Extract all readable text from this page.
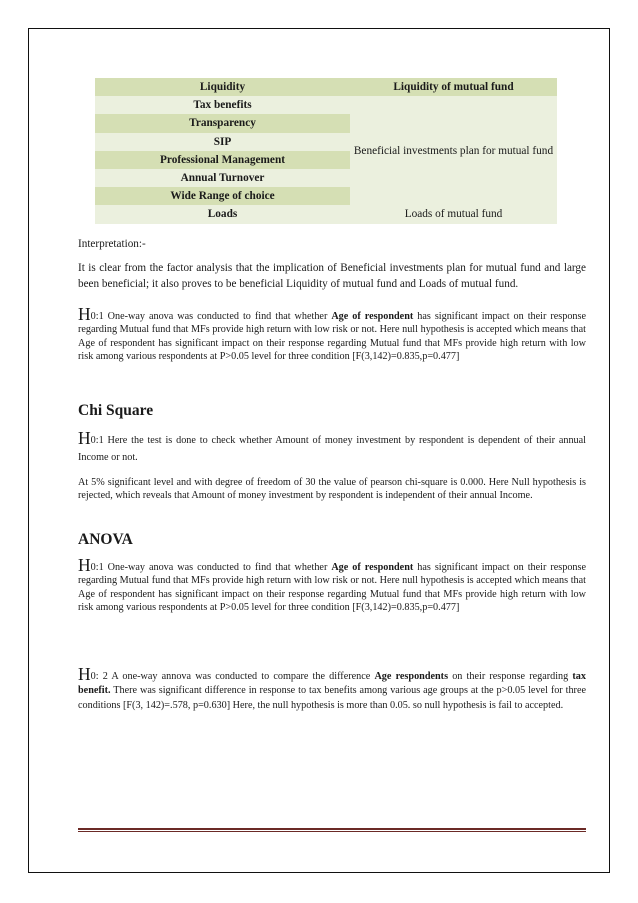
Liquidity	Liquidity of mutual fund
Tax benefits	Beneficial investments plan for mutual fund
Transparency	
SIP	
Professional Management	
Annual Turnover	
Wide Range of choice	
Loads	Loads of mutual fund

Interpretation:-

It is clear from the factor analysis that the implication of Beneficial investments plan for mutual fund and large been beneficial; it also proves to be beneficial Liquidity of mutual fund and Loads of mutual fund.

H0:1 One-way anova was conducted to find that whether Age of respondent has significant impact on their response regarding Mutual fund that MFs provide high return with low risk or not. Here null hypothesis is accepted which means that Age of respondent has significant impact on their response regarding Mutual fund that MFs provide high return with low risk among various respondents at P>0.05 level for three condition [F(3,142)=0.835,p=0.477]

Chi Square

H0:1 Here the test is done to check whether Amount of money investment by respondent is dependent of their annual Income or not.

At 5% significant level and with degree of freedom of 30 the value of pearson chi-square is 0.000. Here Null hypothesis is rejected, which reveals that Amount of money investment by respondent is independent of their annual Income.

ANOVA

H0:1 One-way anova was conducted to find that whether Age of respondent has significant impact on their response regarding Mutual fund that MFs provide high return with low risk or not. Here null hypothesis is accepted which means that Age of respondent has significant impact on their response regarding Mutual fund that MFs provide high return with low risk among various respondents at P>0.05 level for three condition [F(3,142)=0.835,p=0.477]

H0: 2 A one-way annova was conducted to compare the difference Age respondents on their response regarding tax benefit. There was significant difference in response to tax benefits among various age groups at the p>0.05 level for three conditions [F(3, 142)=.578, p=0.630] Here, the null hypothesis is more than 0.05. so null hypothesis is fail to accepted.
